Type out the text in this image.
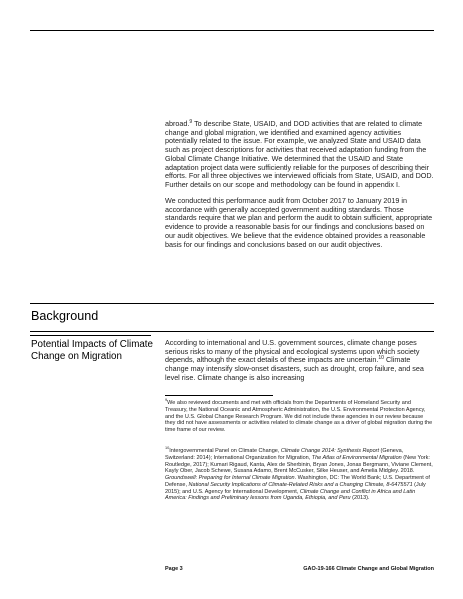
abroad.$^9$ To describe State, USAID, and DOD activities that are related to climate change and global migration, we identified and examined agency activities potentially related to the issue. For example, we analyzed State and USAID data such as project descriptions for activities that received adaptation funding from the Global Climate Change Initiative. We determined that the USAID and State adaptation project data were sufficiently reliable for the purposes of describing their efforts. For all three objectives we interviewed officials from State, USAID, and DOD. Further details on our scope and methodology can be found in appendix I.
We conducted this performance audit from October 2017 to January 2019 in accordance with generally accepted government auditing standards. Those standards require that we plan and perform the audit to obtain sufficient, appropriate evidence to provide a reasonable basis for our findings and conclusions based on our audit objectives. We believe that the evidence obtained provides a reasonable basis for our findings and conclusions based on our audit objectives.
Background
Potential Impacts of Climate Change on Migration
According to international and U.S. government sources, climate change poses serious risks to many of the physical and ecological systems upon which society depends, although the exact details of these impacts are uncertain.$^{10}$ Climate change may intensify slow-onset disasters, such as drought, crop failure, and sea level rise. Climate change is also increasing
$^9$We also reviewed documents and met with officials from the Departments of Homeland Security and Treasury, the National Oceanic and Atmospheric Administration, the U.S. Environmental Protection Agency, and the U.S. Global Change Research Program. We did not include these agencies in our review because they did not have assessments or activities related to climate change as a driver of global migration during the time frame of our review.
$^{10}$Intergovernmental Panel on Climate Change, Climate Change 2014: Synthesis Report (Geneva, Switzerland: 2014); International Organization for Migration, The Atlas of Environmental Migration (New York: Routledge, 2017); Kumari Rigaud, Kanta, Alex de Sherbinin, Bryan Jones, Jonas Bergmann, Viviane Clement, Kayly Ober, Jacob Schewe, Susana Adamo, Brent McCusker, Silke Heuser, and Amelia Midgley. 2018. Groundswell: Preparing for Internal Climate Migration. Washington, DC: The World Bank; U.S. Department of Defense, National Security Implications of Climate-Related Risks and a Changing Climate, 8-6475571 (July 2015); and U.S. Agency for International Development, Climate Change and Conflict in Africa and Latin America: Findings and Preliminary lessons from Uganda, Ethiopia, and Peru (2013).
Page 3	GAO-19-166 Climate Change and Global Migration
